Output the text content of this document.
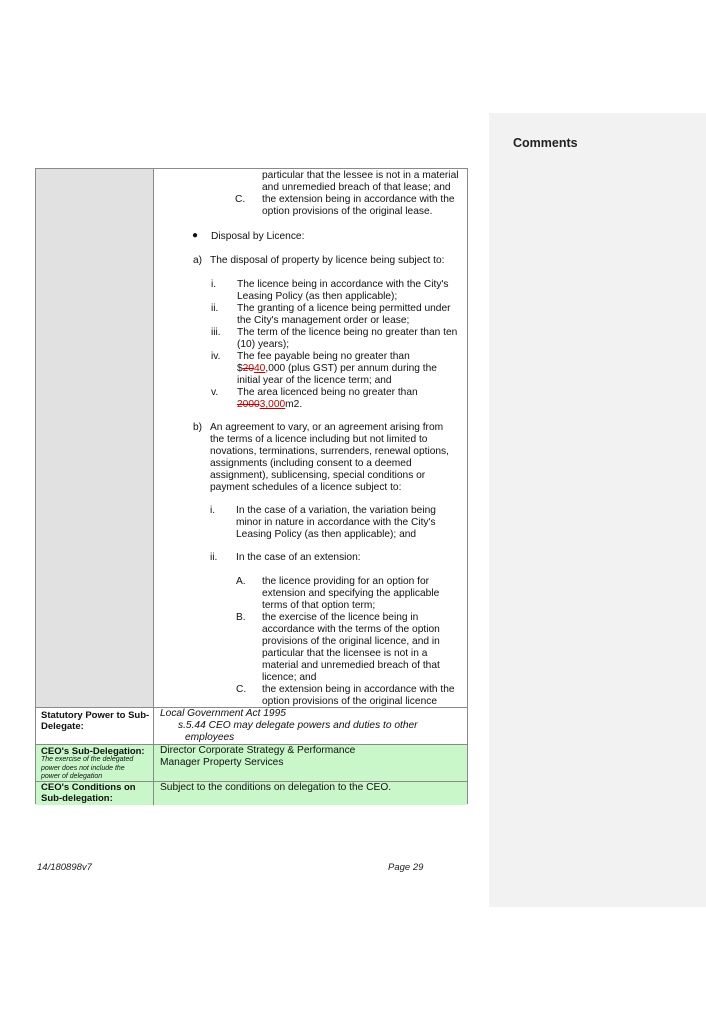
Comments
particular that the lessee is not in a material
and unremedied breach of that lease; and
C. the extension being in accordance with the
option provisions of the original lease.
● Disposal by Licence:
a) The disposal of property by licence being subject to:
i. The licence being in accordance with the City's
Leasing Policy (as then applicable);
ii. The granting of a licence being permitted under
the City's management order or lease;
iii. The term of the licence being no greater than ten
(10) years);
iv. The fee payable being no greater than
$2040,000 (plus GST) per annum during the
initial year of the licence term; and
v. The area licenced being no greater than
20003,000m2.
b) An agreement to vary, or an agreement arising from
the terms of a licence including but not limited to
novations, terminations, surrenders, renewal options,
assignments (including consent to a deemed
assignment), sublicensing, special conditions or
payment schedules of a licence subject to:
i. In the case of a variation, the variation being
minor in nature in accordance with the City's
Leasing Policy (as then applicable); and
ii. In the case of an extension:
A. the licence providing for an option for
extension and specifying the applicable
terms of that option term;
B. the exercise of the licence being in
accordance with the terms of the option
provisions of the original licence, and in
particular that the licensee is not in a
material and unremedied breach of that
licence; and
C. the extension being in accordance with the
option provisions of the original licence
Statutory Power to Sub-
Delegate:
Local Government Act 1995
s.5.44 CEO may delegate powers and duties to other
employees
CEO's Sub-Delegation:
The exercise of the delegated
power does not include the
power of delegation
Director Corporate Strategy & Performance
Manager Property Services
CEO's Conditions on
Sub-delegation:
Subject to the conditions on delegation to the CEO.
14/180898v7	Page 29
